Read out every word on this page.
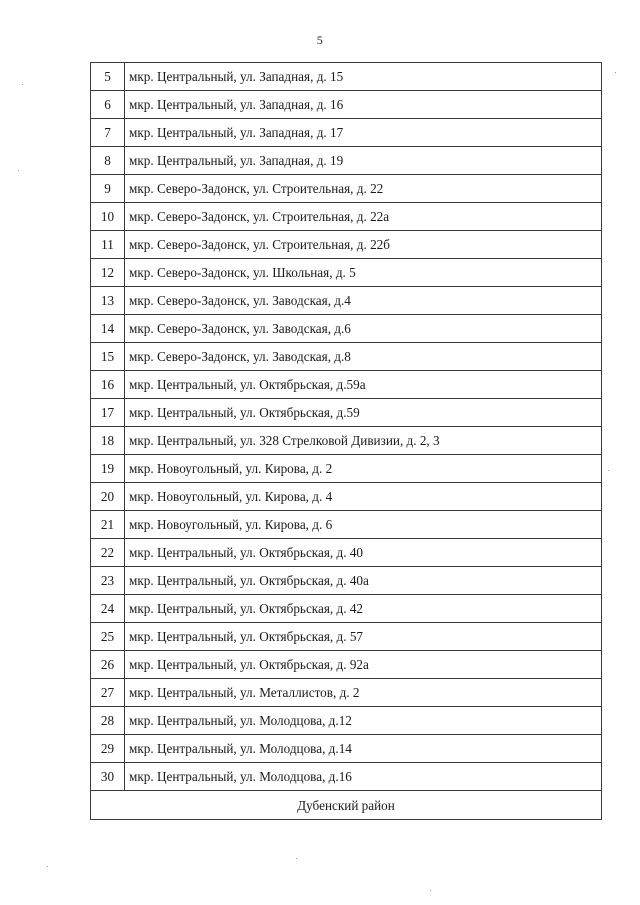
5
5	мкр. Центральный, ул. Западная, д. 15
6	мкр. Центральный, ул. Западная, д. 16
7	мкр. Центральный, ул. Западная, д. 17
8	мкр. Центральный, ул. Западная, д. 19
9	мкр. Северо-Задонск, ул. Строительная, д. 22
10	мкр. Северо-Задонск, ул. Строительная, д. 22а
11	мкр. Северо-Задонск, ул. Строительная, д. 22б
12	мкр. Северо-Задонск, ул. Школьная, д. 5
13	мкр. Северо-Задонск, ул. Заводская, д.4
14	мкр. Северо-Задонск, ул. Заводская, д.6
15	мкр. Северо-Задонск, ул. Заводская, д.8
16	мкр. Центральный, ул. Октябрьская, д.59а
17	мкр. Центральный, ул. Октябрьская, д.59
18	мкр. Центральный, ул. 328 Стрелковой Дивизии, д. 2, 3
19	мкр. Новоугольный, ул. Кирова, д. 2
20	мкр. Новоугольный, ул. Кирова, д. 4
21	мкр. Новоугольный, ул. Кирова, д. 6
22	мкр. Центральный, ул. Октябрьская, д. 40
23	мкр. Центральный, ул. Октябрьская, д. 40а
24	мкр. Центральный, ул. Октябрьская, д. 42
25	мкр. Центральный, ул. Октябрьская, д. 57
26	мкр. Центральный, ул. Октябрьская, д. 92а
27	мкр. Центральный, ул. Металлистов, д. 2
28	мкр. Центральный, ул. Молодцова, д.12
29	мкр. Центральный, ул. Молодцова, д.14
30	мкр. Центральный, ул. Молодцова, д.16
Дубенский район	
